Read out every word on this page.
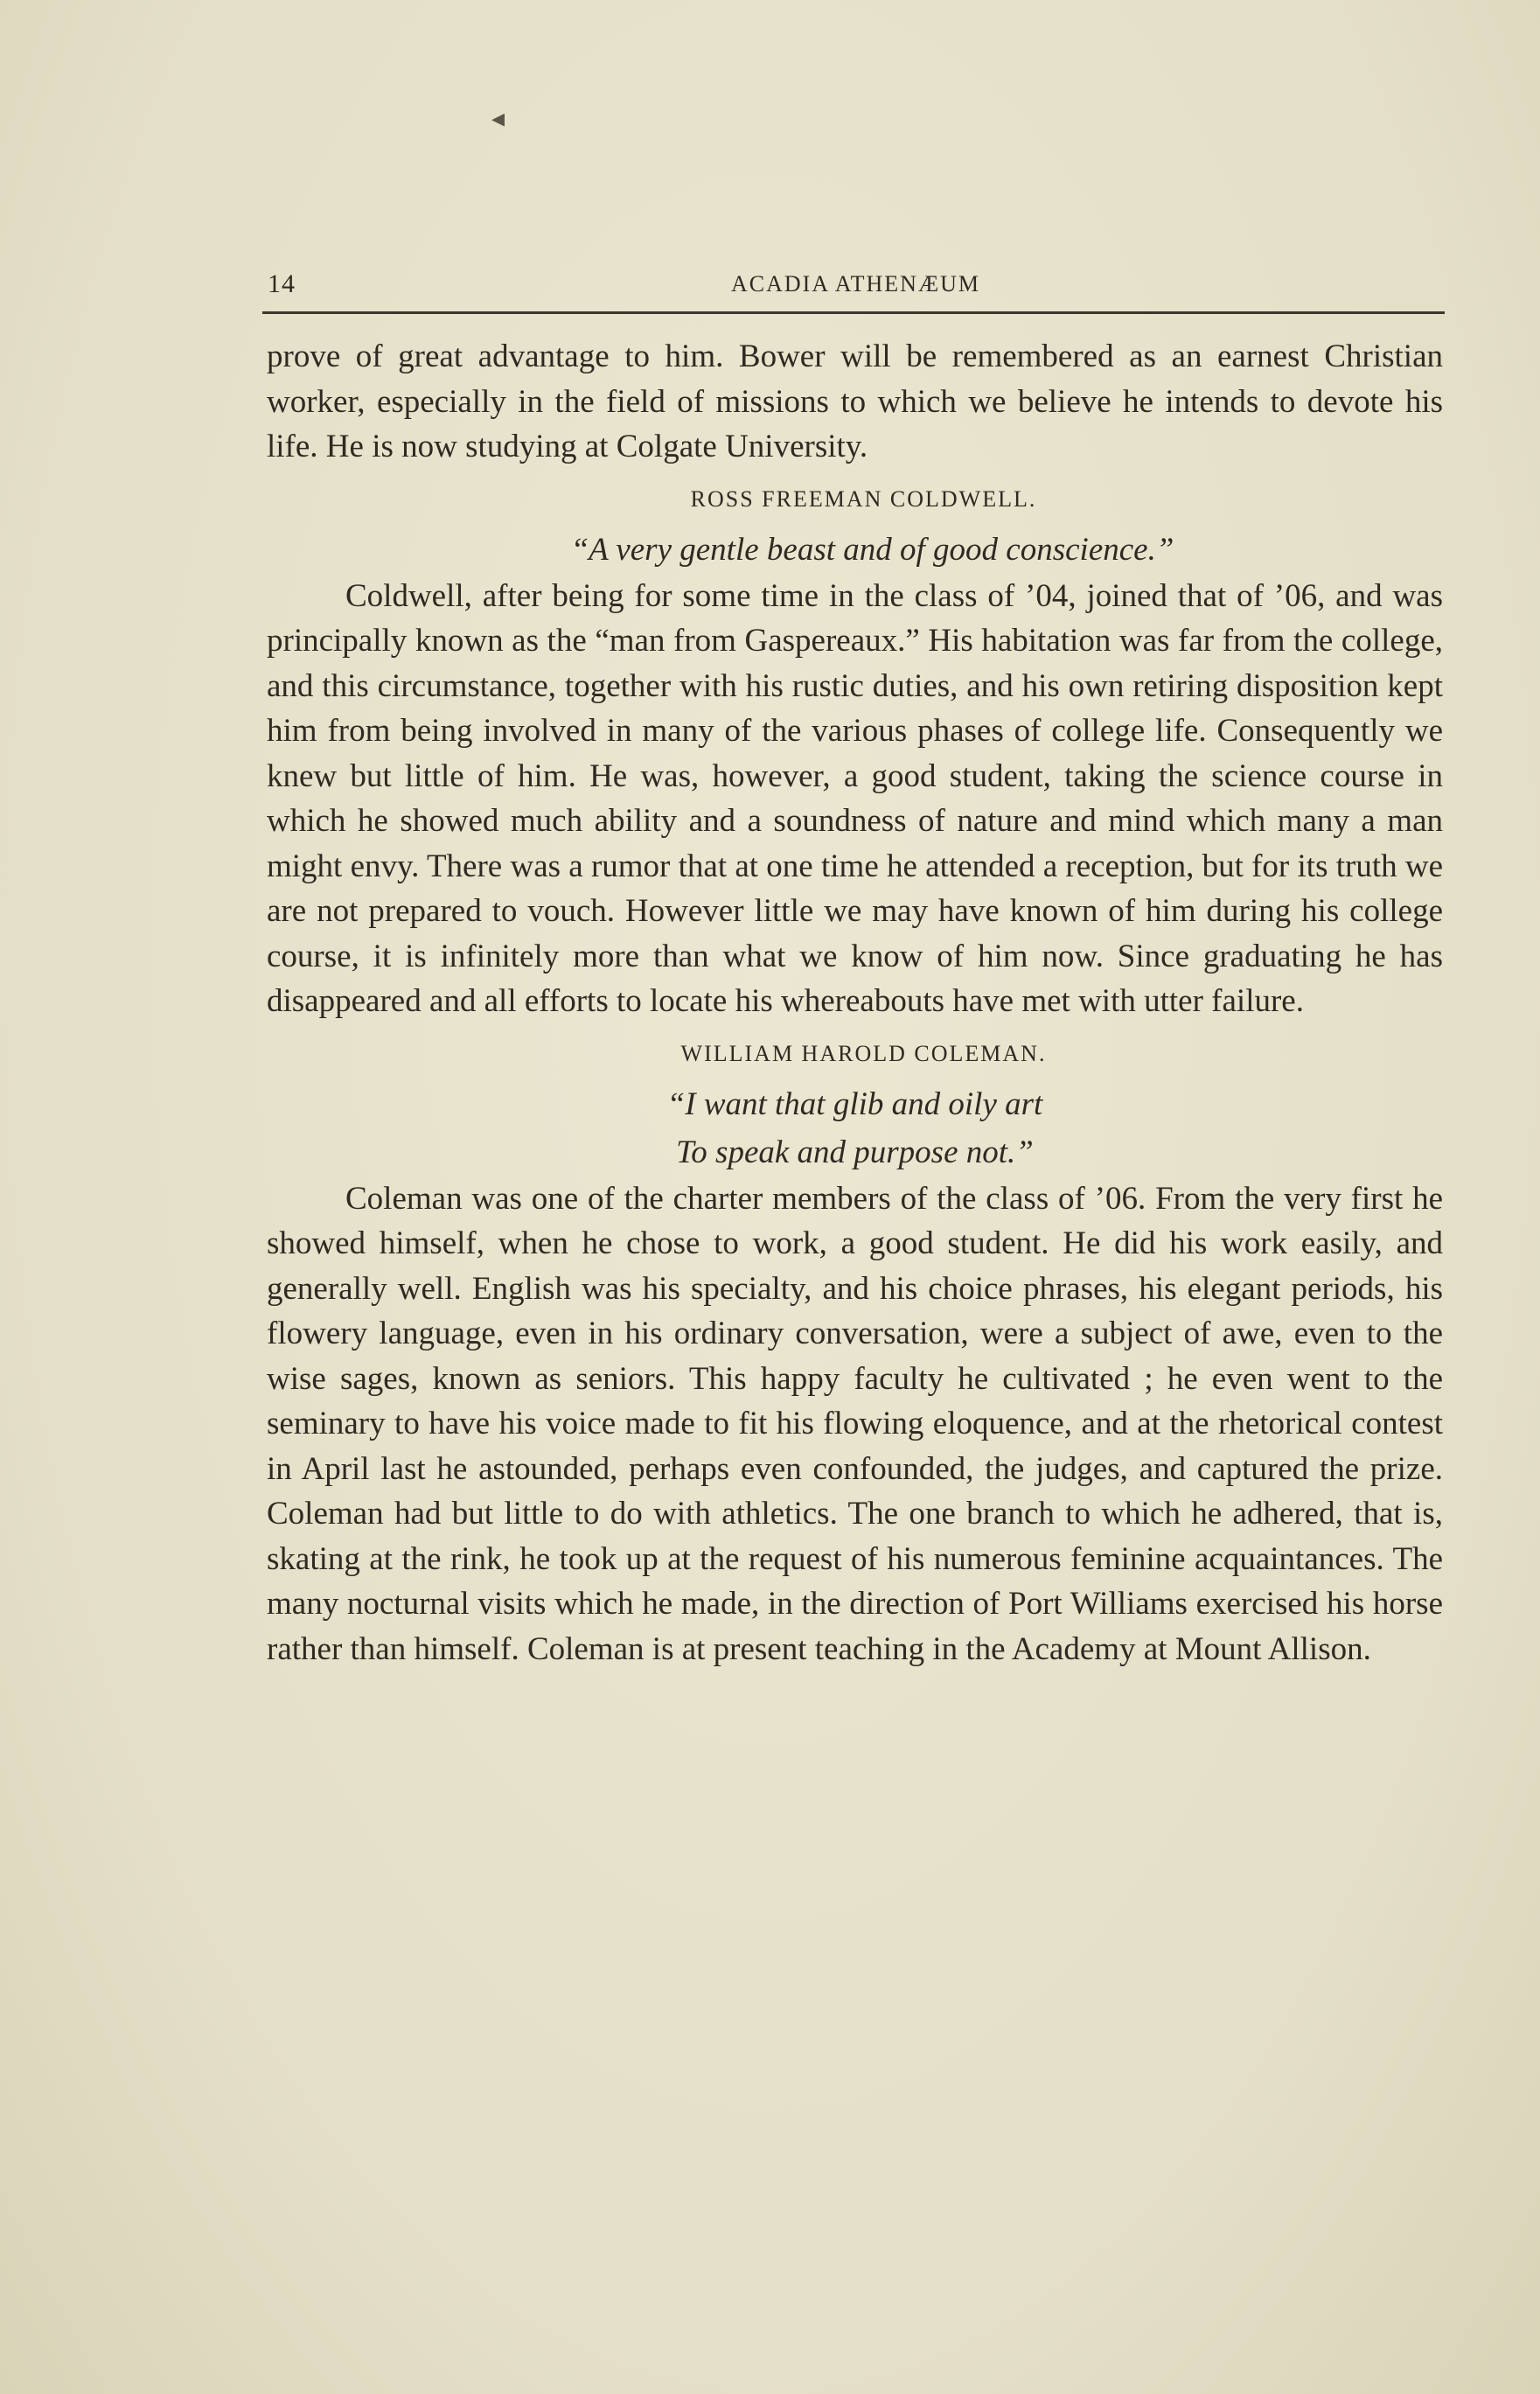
◂
14	ACADIA ATHENÆUM

prove of great advantage to him. Bower will be remembered as an earnest Christian worker, especially in the field of missions to which we believe he intends to devote his life. He is now studying at Colgate University.

ROSS FREEMAN COLDWELL.
“A very gentle beast and of good conscience.”

Coldwell, after being for some time in the class of ’04, joined that of ’06, and was principally known as the “man from Gaspereaux.” His habitation was far from the college, and this circumstance, together with his rustic duties, and his own retiring disposition kept him from being involved in many of the various phases of college life. Consequently we knew but little of him. He was, however, a good student, taking the science course in which he showed much ability and a soundness of nature and mind which many a man might envy. There was a rumor that at one time he attended a reception, but for its truth we are not prepared to vouch. However little we may have known of him during his college course, it is infinitely more than what we know of him now. Since graduating he has disappeared and all efforts to locate his whereabouts have met with utter failure.

WILLIAM HAROLD COLEMAN.
“I want that glib and oily art
To speak and purpose not.”

Coleman was one of the charter members of the class of ’06. From the very first he showed himself, when he chose to work, a good student. He did his work easily, and generally well. English was his specialty, and his choice phrases, his elegant periods, his flowery language, even in his ordinary conversation, were a subject of awe, even to the wise sages, known as seniors. This happy faculty he cultivated ; he even went to the seminary to have his voice made to fit his flowing eloquence, and at the rhetorical contest in April last he astounded, perhaps even confounded, the judges, and captured the prize. Coleman had but little to do with athletics. The one branch to which he adhered, that is, skating at the rink, he took up at the request of his numerous feminine acquaintances. The many nocturnal visits which he made, in the direction of Port Williams exercised his horse rather than himself. Coleman is at present teaching in the Academy at Mount Allison.
